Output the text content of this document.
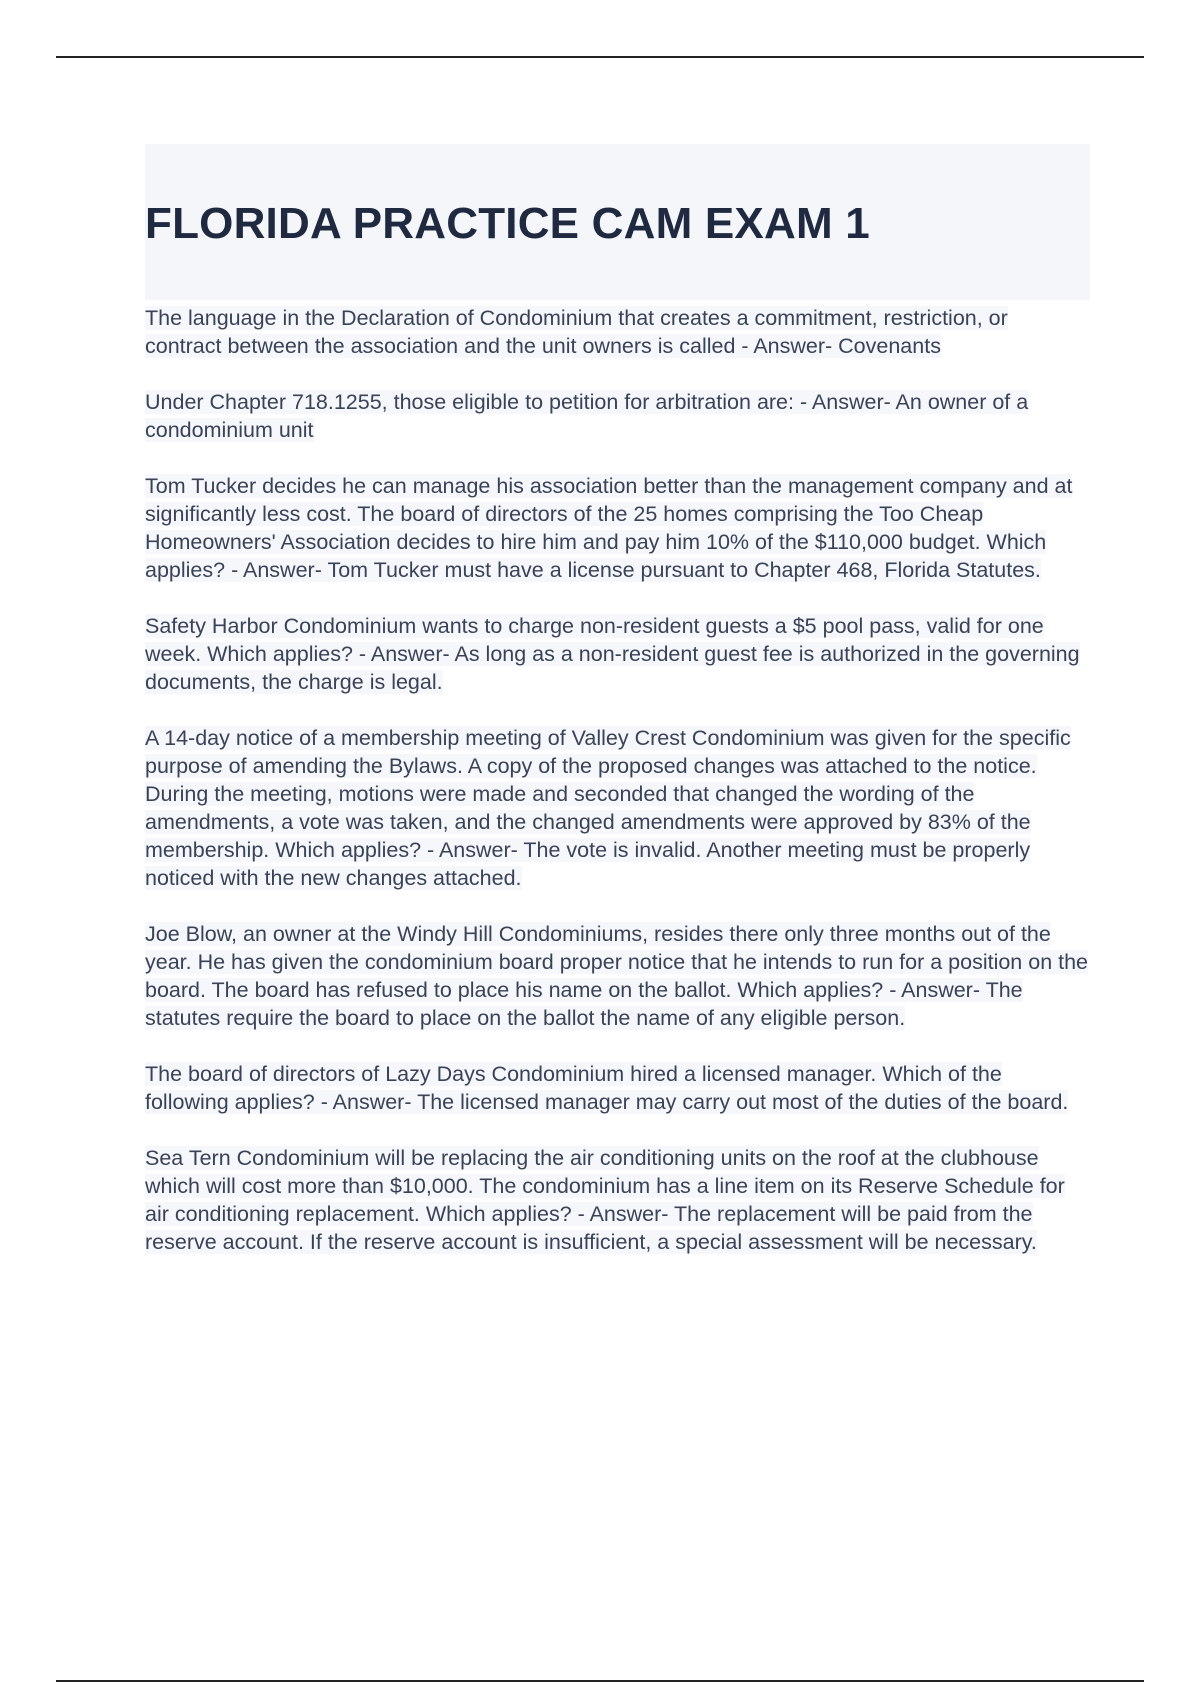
FLORIDA PRACTICE CAM EXAM 1

The language in the Declaration of Condominium that creates a commitment, restriction, or contract between the association and the unit owners is called - Answer- Covenants

Under Chapter 718.1255, those eligible to petition for arbitration are: - Answer- An owner of a condominium unit

Tom Tucker decides he can manage his association better than the management company and at significantly less cost. The board of directors of the 25 homes comprising the Too Cheap Homeowners' Association decides to hire him and pay him 10% of the $110,000 budget. Which applies? - Answer- Tom Tucker must have a license pursuant to Chapter 468, Florida Statutes.

Safety Harbor Condominium wants to charge non-resident guests a $5 pool pass, valid for one week. Which applies? - Answer- As long as a non-resident guest fee is authorized in the governing documents, the charge is legal.

A 14-day notice of a membership meeting of Valley Crest Condominium was given for the specific purpose of amending the Bylaws. A copy of the proposed changes was attached to the notice. During the meeting, motions were made and seconded that changed the wording of the amendments, a vote was taken, and the changed amendments were approved by 83% of the membership. Which applies? - Answer- The vote is invalid. Another meeting must be properly noticed with the new changes attached.

Joe Blow, an owner at the Windy Hill Condominiums, resides there only three months out of the year. He has given the condominium board proper notice that he intends to run for a position on the board. The board has refused to place his name on the ballot. Which applies? - Answer- The statutes require the board to place on the ballot the name of any eligible person.

The board of directors of Lazy Days Condominium hired a licensed manager. Which of the following applies? - Answer- The licensed manager may carry out most of the duties of the board.

Sea Tern Condominium will be replacing the air conditioning units on the roof at the clubhouse which will cost more than $10,000. The condominium has a line item on its Reserve Schedule for air conditioning replacement. Which applies? - Answer- The replacement will be paid from the reserve account. If the reserve account is insufficient, a special assessment will be necessary.
